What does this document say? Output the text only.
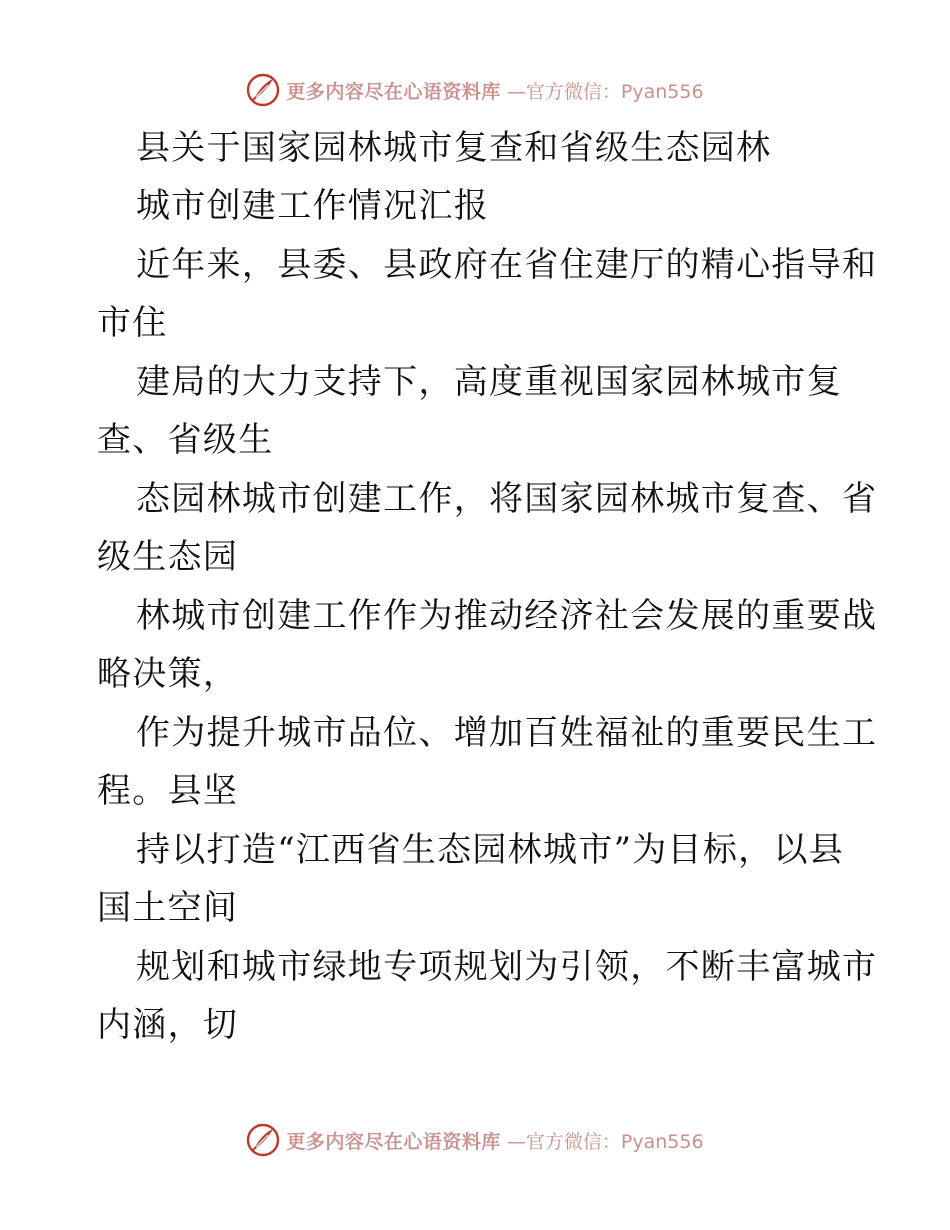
更多内容尽在心语资料库 —官方微信：Pyan556
县关于国家园林城市复查和省级生态园林
城市创建工作情况汇报
近年来，县委、县政府在省住建厅的精心指导和
市住
建局的大力支持下，高度重视国家园林城市复
查、省级生
态园林城市创建工作，将国家园林城市复查、省
级生态园
林城市创建工作作为推动经济社会发展的重要战
略决策，
作为提升城市品位、增加百姓福祉的重要民生工
程。县坚
持以打造“江西省生态园林城市”为目标，以县
国土空间
规划和城市绿地专项规划为引领，不断丰富城市
内涵，切
更多内容尽在心语资料库 —官方微信：Pyan556
